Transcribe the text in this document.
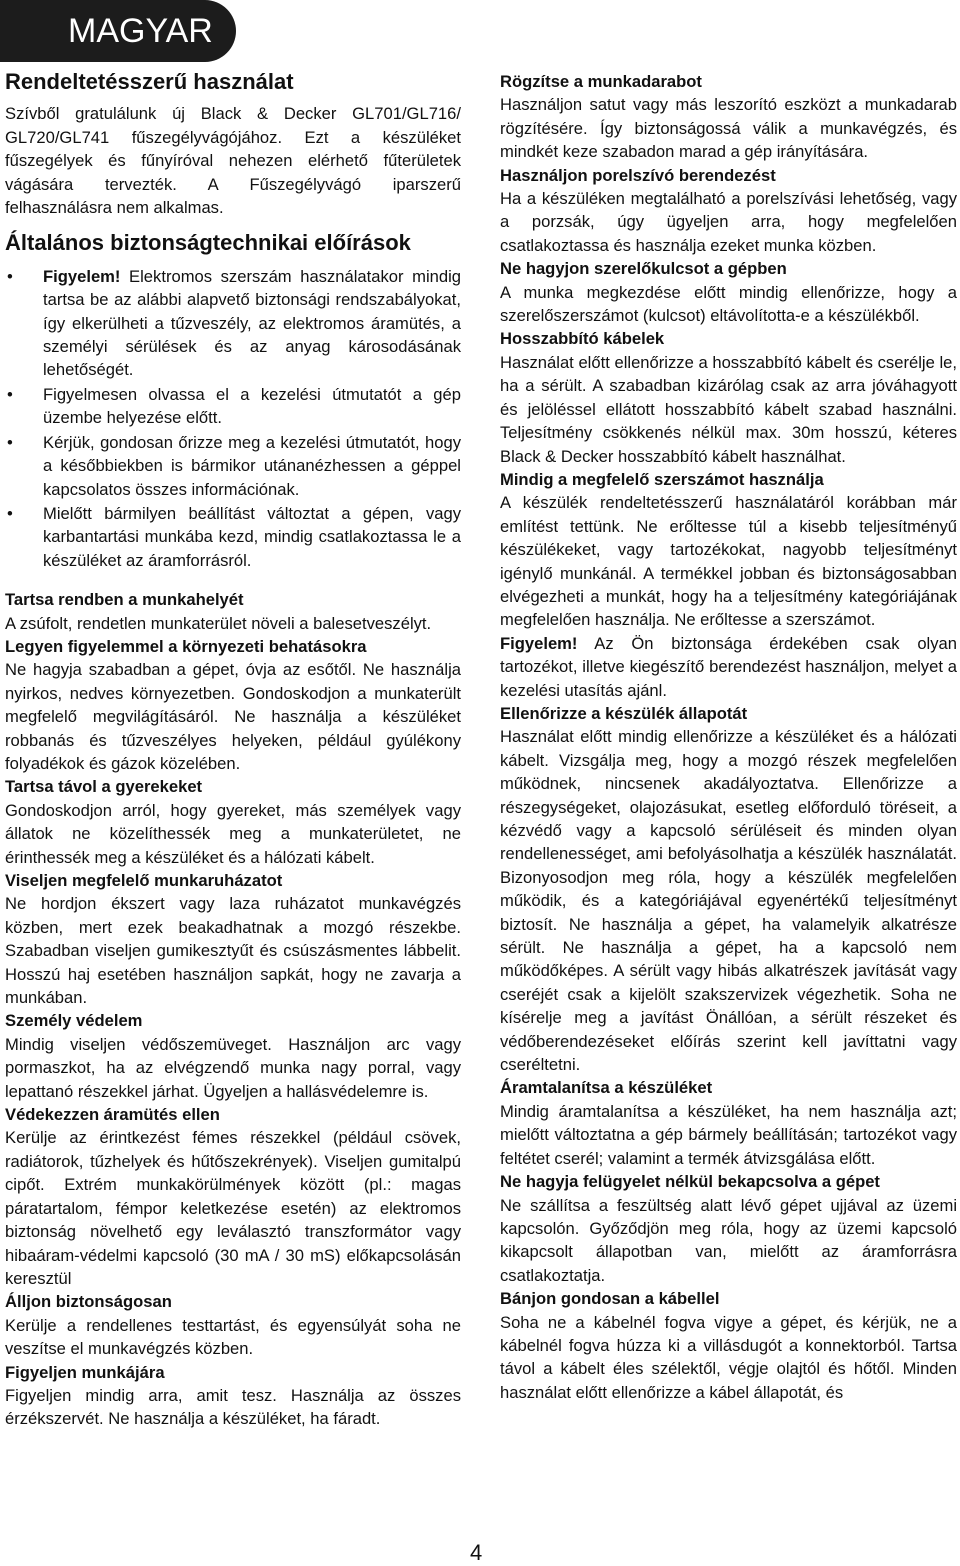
MAGYAR
Rendeltetésszerű használat

Szívből gratulálunk új Black & Decker GL701/GL716/ GL720/GL741 fűszegélyvágójához. Ezt a készüléket fűszegélyek és fűnyíróval nehezen elérhető fűterületek vágására tervezték. A Fűszegélyvágó iparszerű felhasználásra nem alkalmas.

Általános biztonságtechnikai előírások
• Figyelem! Elektromos szerszám használatakor mindig tartsa be az alábbi alapvető biztonsági rendszabályokat, így elkerülheti a tűzveszély, az elektromos áramütés, a személyi sérülések és az anyag károsodásának lehetőségét.
• Figyelmesen olvassa el a kezelési útmutatót a gép üzembe helyezése előtt.
• Kérjük, gondosan őrizze meg a kezelési útmutatót, hogy a későbbiekben is bármikor utánanézhessen a géppel kapcsolatos összes információnak.
• Mielőtt bármilyen beállítást változtat a gépen, vagy karbantartási munkába kezd, mindig csatlakoztassa le a készüléket az áramforrásról.
Tartsa rendben a munkahelyét

A zsúfolt, rendetlen munkaterület növeli a balesetveszélyt.

Legyen figyelemmel a környezeti behatásokra

Ne hagyja szabadban a gépet, óvja az esőtől. Ne használja nyirkos, nedves környezetben. Gondoskodjon a munkaterült megfelelő megvilágításáról. Ne használja a készüléket robbanás és tűzveszélyes helyeken, például gyúlékony folyadékok és gázok közelében.

Tartsa távol a gyerekeket

Gondoskodjon arról, hogy gyereket, más személyek vagy állatok ne közelíthessék meg a munkaterületet, ne érinthessék meg a készüléket és a hálózati kábelt.

Viseljen megfelelő munkaruházatot

Ne hordjon ékszert vagy laza ruházatot munkavégzés közben, mert ezek beakadhatnak a mozgó részekbe. Szabadban viseljen gumikesztyűt és csúszásmentes lábbelit. Hosszú haj esetében használjon sapkát, hogy ne zavarja a munkában.

Személy védelem

Mindig viseljen védőszemüveget. Használjon arc vagy pormaszkot, ha az elvégzendő munka nagy porral, vagy lepattanó részekkel járhat. Ügyeljen a hallásvédelemre is.

Védekezzen áramütés ellen

Kerülje az érintkezést fémes részekkel (például csövek, radiátorok, tűzhelyek és hűtőszekrények). Viseljen gumitalpú cipőt. Extrém munkakörülmények között (pl.: magas páratartalom, fémpor keletkezése esetén) az elektromos biztonság növelhető egy leválasztó transzformátor vagy hibaáram-védelmi kapcsoló (30 mA / 30 mS) előkapcsolásán keresztül

Álljon biztonságosan

Kerülje a rendellenes testtartást, és egyensúlyát soha ne veszítse el munkavégzés közben.

Figyeljen munkájára

Figyeljen mindig arra, amit tesz. Használja az összes érzékszervét. Ne használja a készüléket, ha fáradt.

Rögzítse a munkadarabot

Használjon satut vagy más leszorító eszközt a munkadarab rögzítésére. Így biztonságossá válik a munkavégzés, és mindkét keze szabadon marad a gép irányítására.

Használjon porelszívó berendezést

Ha a készüléken megtalálható a porelszívási lehetőség, vagy a porzsák, úgy ügyeljen arra, hogy megfelelően csatlakoztassa és használja ezeket munka közben.

Ne hagyjon szerelőkulcsot a gépben

A munka megkezdése előtt mindig ellenőrizze, hogy a szerelőszerszámot (kulcsot) eltávolította-e a készülékből.

Hosszabbító kábelek

Használat előtt ellenőrizze a hosszabbító kábelt és cserélje le, ha a sérült. A szabadban kizárólag csak az arra jóváhagyott és jelöléssel ellátott hosszabbító kábelt szabad használni. Teljesítmény csökkenés nélkül max. 30m hosszú, kéteres Black & Decker hosszabbító kábelt használhat.

Mindig a megfelelő szerszámot használja

A készülék rendeltetésszerű használatáról korábban már említést tettünk. Ne erőltesse túl a kisebb teljesítményű készülékeket, vagy tartozékokat, nagyobb teljesítményt igénylő munkánál. A termékkel jobban és biztonságosabban elvégezheti a munkát, hogy ha a teljesítmény kategóriájának megfelelően használja. Ne erőltesse a szerszámot.

Figyelem! Az Ön biztonsága érdekében csak olyan tartozékot, illetve kiegészítő berendezést használjon, melyet a kezelési utasítás ajánl.

Ellenőrizze a készülék állapotát

Használat előtt mindig ellenőrizze a készüléket és a hálózati kábelt. Vizsgálja meg, hogy a mozgó részek megfelelően működnek, nincsenek akadályoztatva. Ellenőrizze a részegységeket, olajozásukat, esetleg előforduló töréseit, a kézvédő vagy a kapcsoló sérüléseit és minden olyan rendellenességet, ami befolyásolhatja a készülék használatát. Bizonyosodjon meg róla, hogy a készülék megfelelően működik, és a kategóriájával egyenértékű teljesítményt biztosít. Ne használja a gépet, ha valamelyik alkatrésze sérült. Ne használja a gépet, ha a kapcsoló nem működőképes. A sérült vagy hibás alkatrészek javítását vagy cseréjét csak a kijelölt szakszervizek végezhetik. Soha ne kísérelje meg a javítást Önállóan, a sérült részeket és védőberendezéseket előírás szerint kell javíttatni vagy cseréltetni.

Áramtalanítsa a készüléket

Mindig áramtalanítsa a készüléket, ha nem használja azt; mielőtt változtatna a gép bármely beállításán; tartozékot vagy feltétet cserél; valamint a termék átvizsgálása előtt.

Ne hagyja felügyelet nélkül bekapcsolva a gépet

Ne szállítsa a feszültség alatt lévő gépet ujjával az üzemi kapcsolón. Győződjön meg róla, hogy az üzemi kapcsoló kikapcsolt állapotban van, mielőtt az áramforrásra csatlakoztatja.

Bánjon gondosan a kábellel

Soha ne a kábelnél fogva vigye a gépet, és kérjük, ne a kábelnél fogva húzza ki a villásdugót a konnektorból. Tartsa távol a kábelt éles szélektől, végje olajtól és hőtől. Minden használat előtt ellenőrizze a kábel állapotát, és

4
